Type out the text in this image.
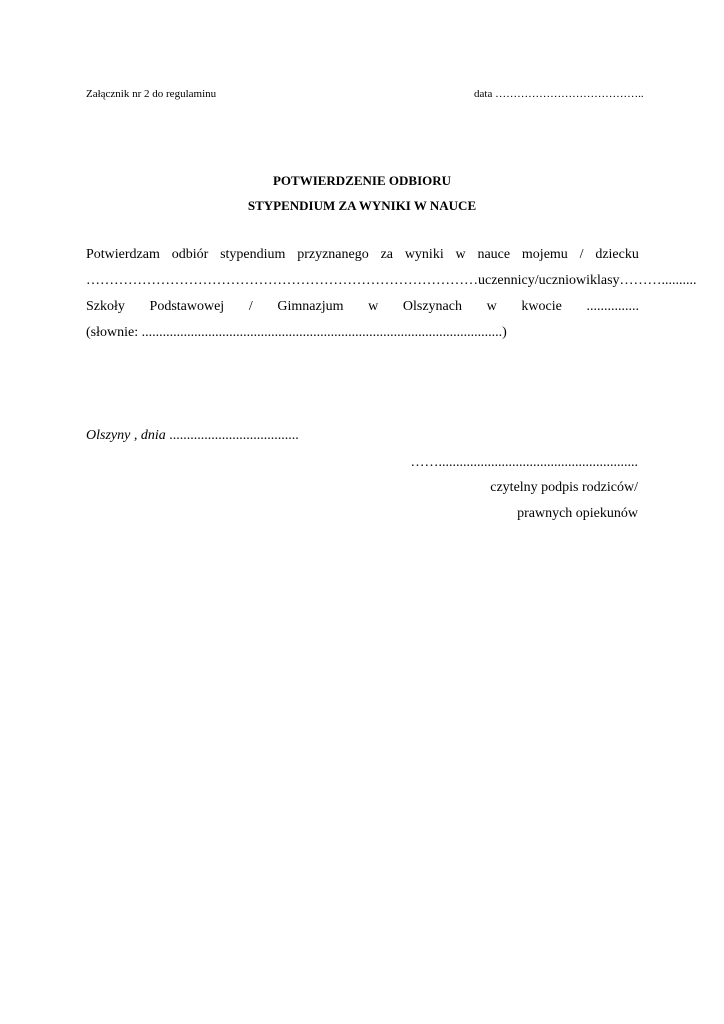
Załącznik nr 2 do regulaminu	data …………………………………..
POTWIERDZENIE ODBIORU
STYPENDIUM ZA WYNIKI W NAUCE
Potwierdzam odbiór stypendium przyznanego za wyniki w nauce mojemu / dziecku
………………………………………………………………………… uczennicy / uczniowi klasy ………..........
Szkoły Podstawowej / Gimnazjum w Olszynach w kwocie ...............
(słownie: .......................................................................................................)
Olszyny , dnia .....................................
…….........................................................
czytelny podpis rodziców/
prawnych opiekunów
